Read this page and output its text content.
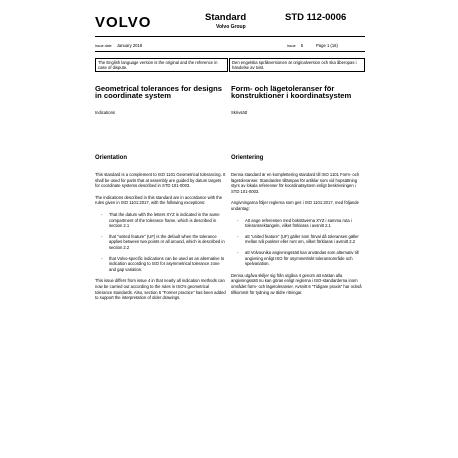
VOLVO	Standard
Volvo Group
STD 112-0006
Issue date January 2018	Issue 5	Page 1 (16)
The English language version is the original and the reference in case of dispute.
Den engelska språkversionen är originalversion och ska åberopas i händelse av tvist.
Geometrical tolerances for designs in coordinate system
Indications
Form- och lägetoleranser för konstruktioner i koordinatsystem
Skrivsätt
Orientation	Orientering

This standard is a complement to ISO 1101 Geometrical tolerancing. It shall be used for parts that at assembly are guided by datum targets for coordinate systems described in STD 101-0003.

The indications described in this standard are in accordance with the rules given in ISO 1101:2017, with the following exceptions:

- That the datum with the letters XYZ is indicated in the same compartment of the tolerance frame, which is described in section 2.1
- that "united feature" (UF) is the default when the tolerance applies between two points or all around, which is described in section 2.2
- that Volvo-specific indications can be used as an alternative to indication according to ISO for asymmetrical tolerance zone and gap variation.

This issue differs from issue 4 in that nearly all indication methods can now be carried out according to the rules in ISO's geometrical tolerance standards. Also, section 6 "Former practice" has been added to support the interpretation of older drawings.

Denna standard är en komplettering standard till ISO 1101 Form- och lägetoleranser. Standarden tillämpas för artiklar som vid hopsättning styrs av lokala referenser för koordinatsystem enligt beskrivningen i STD 101-0003.

Angivningarna följer reglerna som ges i ISO 1101:2017, med följande undantag:

- Att ange referensen med bokstäverna XYZ i samma ruta i toleransrektangeln, vilket förklaras i avsnitt 2.1
- att "united feature" (UF) gäller som förval då toleransen gäller mellan två punkter eller runt om, vilket förklaras i avsnitt 2.2
- att Volvounika angivningssätt kan användas som alternativ till angivning enligt ISO för osymmetriskt toleransområde och spelvariation.

Denna utgåva skiljer sig från utgåva 4 genom att nästan alla angivningssätt nu kan göras enligt reglerna i ISO-standarderna inom området form- och lägetoleranser. Avsnitt 6 "Tidigare praxis" har också tillkommit för tydning av äldre ritningar.
